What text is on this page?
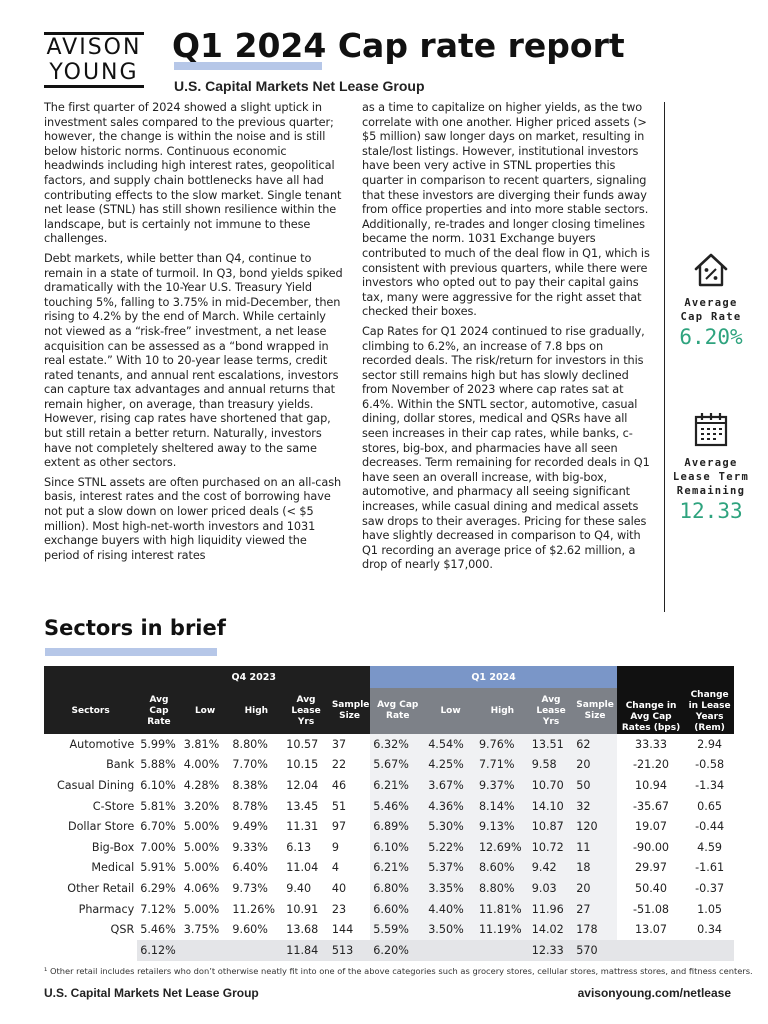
AVISON
YOUNG
Q1 2024 Cap rate report
U.S. Capital Markets Net Lease Group

The first quarter of 2024 showed a slight uptick in investment sales compared to the previous quarter; however, the change is within the noise and is still below historic norms. Continuous economic headwinds including high interest rates, geopolitical factors, and supply chain bottlenecks have all had contributing effects to the slow market. Single tenant net lease (STNL) has still shown resilience within the landscape, but is certainly not immune to these challenges.

Debt markets, while better than Q4, continue to remain in a state of turmoil. In Q3, bond yields spiked dramatically with the 10-Year U.S. Treasury Yield touching 5%, falling to 3.75% in mid-December, then rising to 4.2% by the end of March. While certainly not viewed as a “risk-free” investment, a net lease acquisition can be assessed as a “bond wrapped in real estate.” With 10 to 20-year lease terms, credit rated tenants, and annual rent escalations, investors can capture tax advantages and annual returns that remain higher, on average, than treasury yields. However, rising cap rates have shortened that gap, but still retain a better return. Naturally, investors have not completely sheltered away to the same extent as other sectors.

Since STNL assets are often purchased on an all-cash basis, interest rates and the cost of borrowing have not put a slow down on lower priced deals (< $5 million). Most high-net-worth investors and 1031 exchange buyers with high liquidity viewed the period of rising interest rates

as a time to capitalize on higher yields, as the two correlate with one another. Higher priced assets (> $5 million) saw longer days on market, resulting in stale/lost listings. However, institutional investors have been very active in STNL properties this quarter in comparison to recent quarters, signaling that these investors are diverging their funds away from office properties and into more stable sectors. Additionally, re-trades and longer closing timelines became the norm. 1031 Exchange buyers contributed to much of the deal flow in Q1, which is consistent with previous quarters, while there were investors who opted out to pay their capital gains tax, many were aggressive for the right asset that checked their boxes.

Cap Rates for Q1 2024 continued to rise gradually, climbing to 6.2%, an increase of 7.8 bps on recorded deals. The risk/return for investors in this sector still remains high but has slowly declined from November of 2023 where cap rates sat at 6.4%. Within the SNTL sector, automotive, casual dining, dollar stores, medical and QSRs have all seen increases in their cap rates, while banks, c-stores, big-box, and pharmacies have all seen decreases. Term remaining for recorded deals in Q1 have seen an overall increase, with big-box, automotive, and pharmacy all seeing significant increases, while casual dining and medical assets saw drops to their averages. Pricing for these sales have slightly decreased in comparison to Q4, with Q1 recording an average price of $2.62 million, a drop of nearly $17,000.

Average
Cap Rate
6.20%
Average
Lease Term
Remaining
12.33
Sectors in brief
	Q4 2023					Q1 2024					Change in Avg Cap Rates (bps)	Change in Lease Years (Rem)
Sectors	Avg Cap Rate	Low	High	Avg Lease Yrs	Sample Size	Avg Cap Rate	Low	High	Avg Lease Yrs	Sample Size		
Automotive	5.99%	3.81%	8.80%	10.57	37	6.32%	4.54%	9.76%	13.51	62	33.33	2.94
Bank	5.88%	4.00%	7.70%	10.15	22	5.67%	4.25%	7.71%	9.58	20	-21.20	-0.58
Casual Dining	6.10%	4.28%	8.38%	12.04	46	6.21%	3.67%	9.37%	10.70	50	10.94	-1.34
C-Store	5.81%	3.20%	8.78%	13.45	51	5.46%	4.36%	8.14%	14.10	32	-35.67	0.65
Dollar Store	6.70%	5.00%	9.49%	11.31	97	6.89%	5.30%	9.13%	10.87	120	19.07	-0.44
Big-Box	7.00%	5.00%	9.33%	6.13	9	6.10%	5.22%	12.69%	10.72	11	-90.00	4.59
Medical	5.91%	5.00%	6.40%	11.04	4	6.21%	5.37%	8.60%	9.42	18	29.97	-1.61
Other Retail	6.29%	4.06%	9.73%	9.40	40	6.80%	3.35%	8.80%	9.03	20	50.40	-0.37
Pharmacy	7.12%	5.00%	11.26%	10.91	23	6.60%	4.40%	11.81%	11.96	27	-51.08	1.05
QSR	5.46%	3.75%	9.60%	13.68	144	5.59%	3.50%	11.19%	14.02	178	13.07	0.34
	6.12%			11.84	513	6.20%			12.33	570		
¹ Other retail includes retailers who don’t otherwise neatly fit into one of the above categories such as grocery stores, cellular stores, mattress stores, and fitness centers.
U.S. Capital Markets Net Lease Group	avisonyoung.com/netlease
